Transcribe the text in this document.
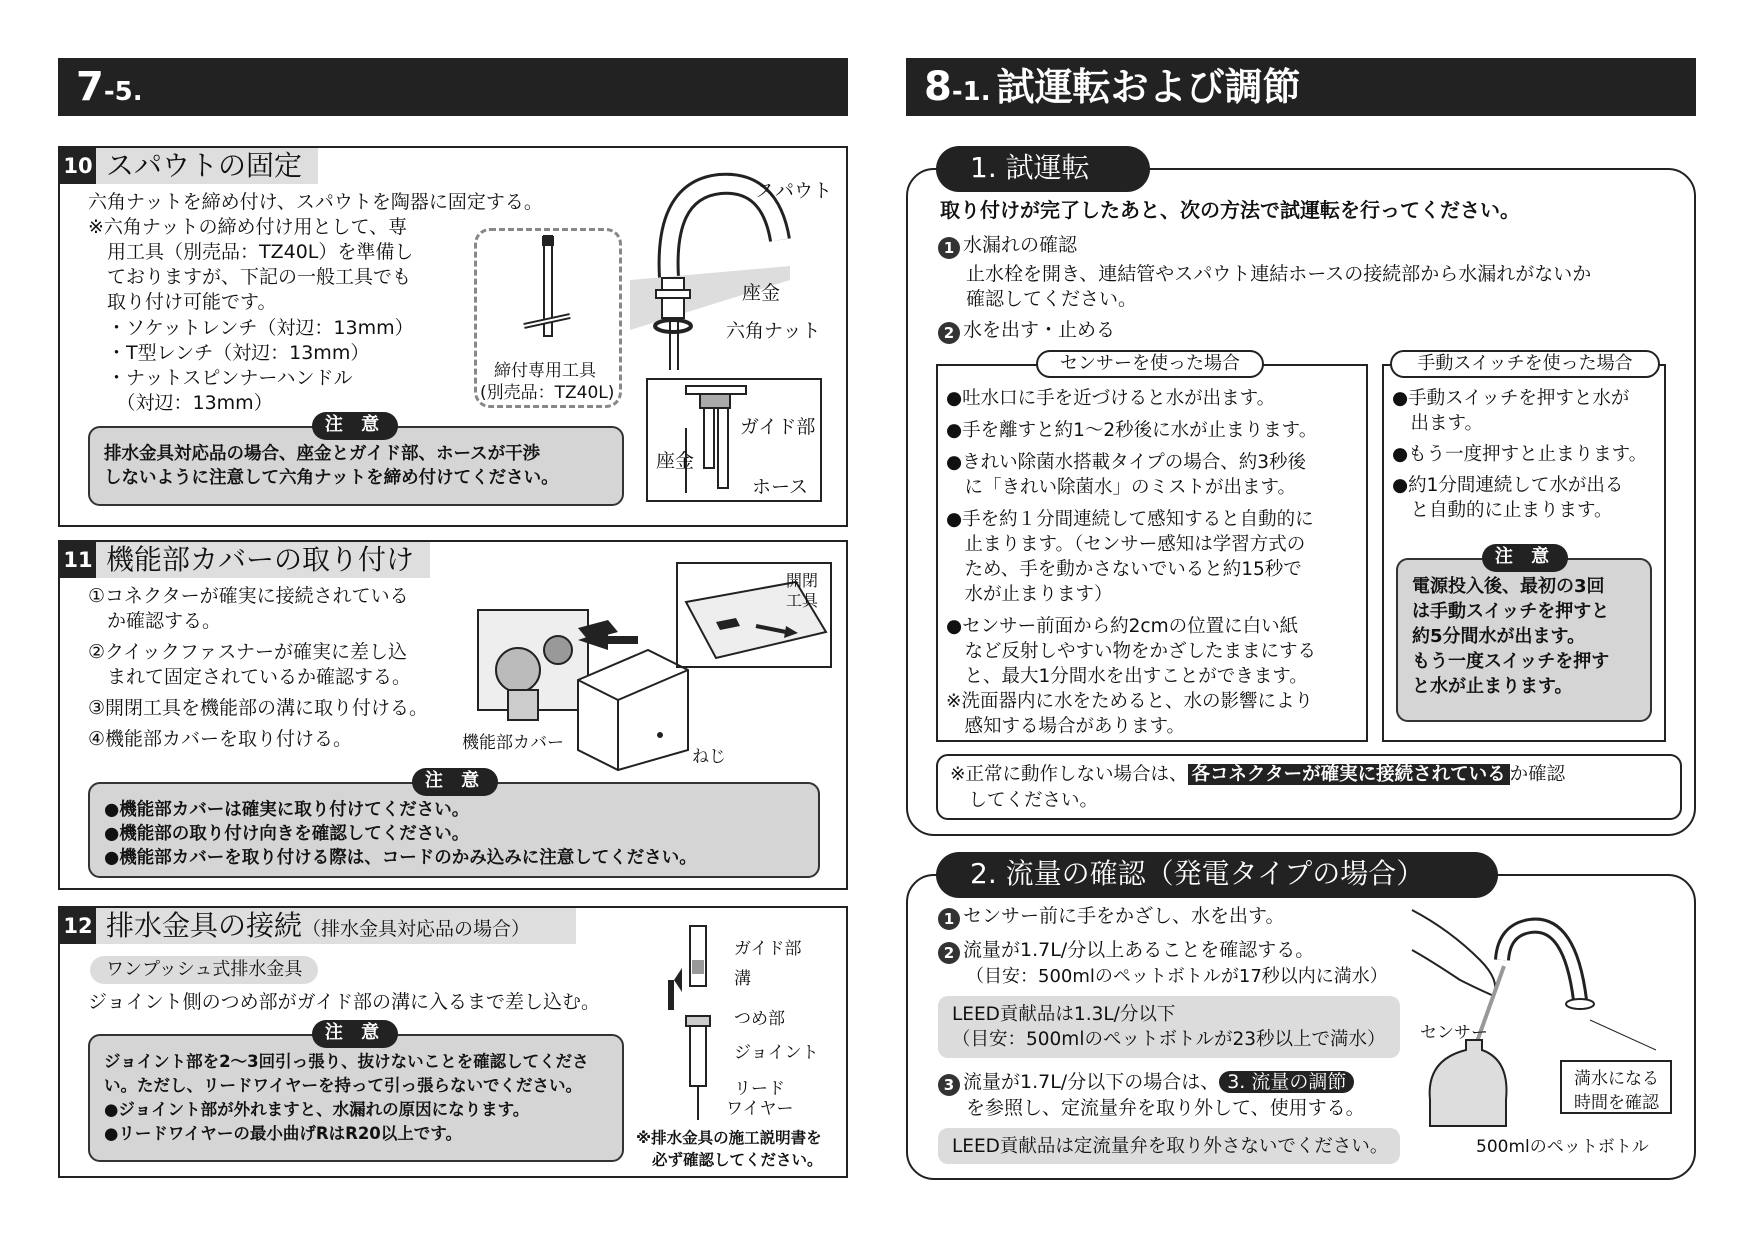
7-5.	8-1. 試運転および調節
10 スパウトの固定
六角ナットを締め付け、スパウトを陶器に固定する。
※六角ナットの締め付け用として、専
　用工具（別売品：TZ40L）を準備し
　ておりますが、下記の一般工具でも
　取り付け可能です。
　・ソケットレンチ（対辺：13mm）
　・T型レンチ（対辺：13mm）
　・ナットスピンナーハンドル
　　（対辺：13mm）
締付専用工具
(別売品：TZ40L)
スパウト
座金
六角ナット
ガイド部
座金
ホース
排水金具対応品の場合、座金とガイド部、ホースが干渉
しないように注意して六角ナットを締め付けてください。
注 意
11 機能部カバーの取り付け
①コネクターが確実に接続されている
　か確認する。
②クイックファスナーが確実に差し込
　まれて固定されているか確認する。
③開閉工具を機能部の溝に取り付ける。
④機能部カバーを取り付ける。
開閉
工具
機能部カバー
ねじ
●機能部カバーは確実に取り付けてください。
●機能部の取り付け向きを確認してください。
●機能部カバーを取り付ける際は、コードのかみ込みに注意してください。
注 意
12 排水金具の接続（排水金具対応品の場合）
ワンプッシュ式排水金具
ジョイント側のつめ部がガイド部の溝に入るまで差し込む。
ジョイント部を2～3回引っ張り、抜けないことを確認してくださ
い。ただし、リードワイヤーを持って引っ張らないでください。
●ジョイント部が外れますと、水漏れの原因になります。
●リードワイヤーの最小曲げRはR20以上です。
注 意
ガイド部
溝
つめ部
ジョイント
リード
ワイヤー
※排水金具の施工説明書を
必ず確認してください。
1. 試運転
取り付けが完了したあと、次の方法で試運転を行ってください。
1 水漏れの確認
止水栓を開き、連結管やスパウト連結ホースの接続部から水漏れがないか
確認してください。
2 水を出す・止める
センサーを使った場合
●吐水口に手を近づけると水が出ます。
●手を離すと約1～2秒後に水が止まります。
●きれい除菌水搭載タイプの場合、約3秒後
　に「きれい除菌水」のミストが出ます。
●手を約１分間連続して感知すると自動的に
　止まります。（センサー感知は学習方式の
　ため、手を動かさないでいると約15秒で
　水が止まります）
●センサー前面から約2cmの位置に白い紙
　など反射しやすい物をかざしたままにする
　と、最大1分間水を出すことができます。
※洗面器内に水をためると、水の影響により
　感知する場合があります。
手動スイッチを使った場合
●手動スイッチを押すと水が
　出ます。
●もう一度押すと止まります。
●約1分間連続して水が出る
　と自動的に止まります。
電源投入後、最初の3回
は手動スイッチを押すと
約5分間水が出ます。
もう一度スイッチを押す
と水が止まります。
注 意
※正常に動作しない場合は、 各コネクターが確実に接続されている か確認
　してください。
2. 流量の確認（発電タイプの場合）
1 センサー前に手をかざし、水を出す。
2 流量が1.7L/分以上あることを確認する。
（目安：500mlのペットボトルが17秒以内に満水）
LEED貢献品は1.3L/分以下
（目安：500mlのペットボトルが23秒以上で満水）
3 流量が1.7L/分以下の場合は、 3. 流量の調節
を参照し、定流量弁を取り外して、使用する。
LEED貢献品は定流量弁を取り外さないでください。
センサー
満水になる
時間を確認
500mlのペットボトル
